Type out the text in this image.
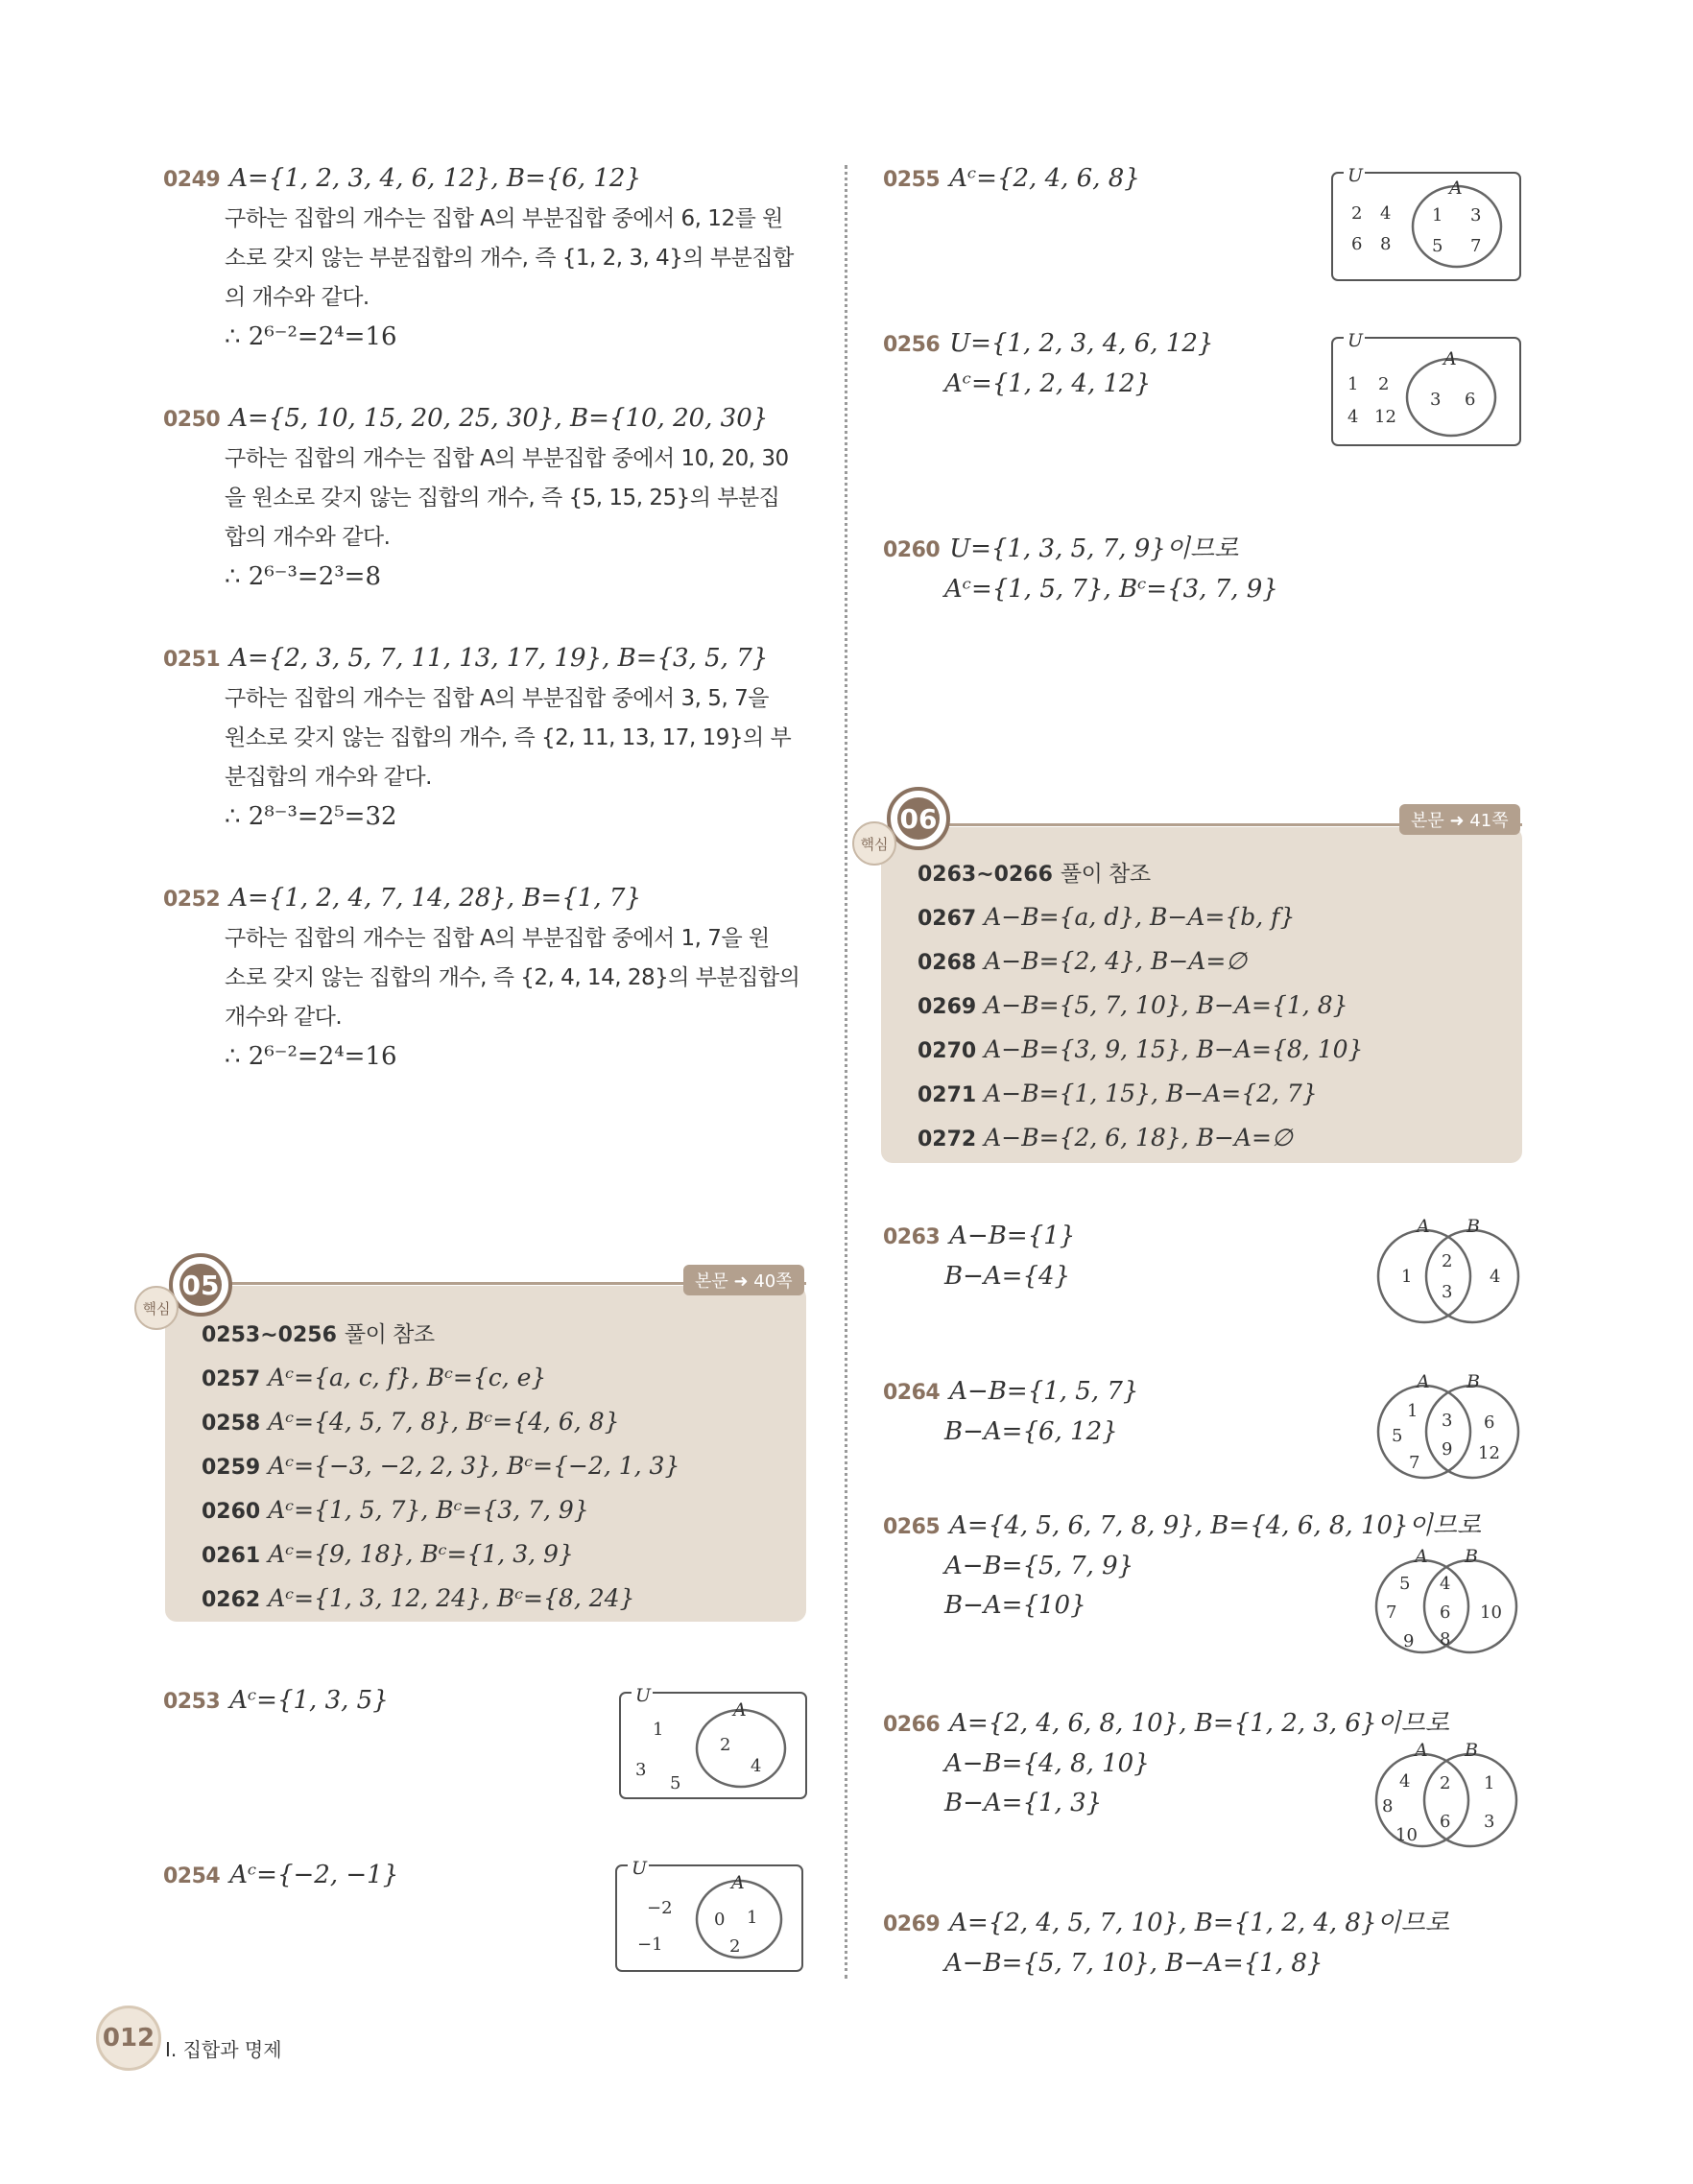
0249 A={1, 2, 3, 4, 6, 12}, B={6, 12}
구하는 집합의 개수는 집합 A의 부분집합 중에서 6, 12를 원
소로 갖지 않는 부분집합의 개수, 즉 {1, 2, 3, 4}의 부분집합
의 개수와 같다.
∴ 2⁶⁻²=2⁴=16
0250 A={5, 10, 15, 20, 25, 30}, B={10, 20, 30}
구하는 집합의 개수는 집합 A의 부분집합 중에서 10, 20, 30
을 원소로 갖지 않는 집합의 개수, 즉 {5, 15, 25}의 부분집
합의 개수와 같다.
∴ 2⁶⁻³=2³=8
0251 A={2, 3, 5, 7, 11, 13, 17, 19}, B={3, 5, 7}
구하는 집합의 개수는 집합 A의 부분집합 중에서 3, 5, 7을
원소로 갖지 않는 집합의 개수, 즉 {2, 11, 13, 17, 19}의 부
분집합의 개수와 같다.
∴ 2⁸⁻³=2⁵=32
0252 A={1, 2, 4, 7, 14, 28}, B={1, 7}
구하는 집합의 개수는 집합 A의 부분집합 중에서 1, 7을 원
소로 갖지 않는 집합의 개수, 즉 {2, 4, 14, 28}의 부분집합의
개수와 같다.
∴ 2⁶⁻²=2⁴=16
05
핵심
본문 ➜ 40쪽
0253~0256 풀이 참조
0257 Aᶜ={a, c, f}, Bᶜ={c, e}
0258 Aᶜ={4, 5, 7, 8}, Bᶜ={4, 6, 8}
0259 Aᶜ={−3, −2, 2, 3}, Bᶜ={−2, 1, 3}
0260 Aᶜ={1, 5, 7}, Bᶜ={3, 7, 9}
0261 Aᶜ={9, 18}, Bᶜ={1, 3, 9}
0262 Aᶜ={1, 3, 12, 24}, Bᶜ={8, 24}
0253 Aᶜ={1, 3, 5}	U
A
1
3
5
2
4
0254 Aᶜ={−2, −1}	U
A
−2
−1
0 1
2
0255 Aᶜ={2, 4, 6, 8}	U
A
2 4
6 8
1 3
5 7
0256 U={1, 2, 3, 4, 6, 12}
Aᶜ={1, 2, 4, 12}
U
A
1 2
4 12
3 6
0260 U={1, 3, 5, 7, 9}이므로
Aᶜ={1, 5, 7}, Bᶜ={3, 7, 9}
06
핵심
본문 ➜ 41쪽
0263~0266 풀이 참조
0267 A−B={a, d}, B−A={b, f}
0268 A−B={2, 4}, B−A=∅
0269 A−B={5, 7, 10}, B−A={1, 8}
0270 A−B={3, 9, 15}, B−A={8, 10}
0271 A−B={1, 15}, B−A={2, 7}
0272 A−B={2, 6, 18}, B−A=∅
0263 A−B={1}
B−A={4}
A B
1
2
3
4
0264 A−B={1, 5, 7}
B−A={6, 12}
A B
1
5
7
3
9
6
12
0265 A={4, 5, 6, 7, 8, 9}, B={4, 6, 8, 10}이므로
A−B={5, 7, 9}
B−A={10}
A B
5
7
9
4
6
8
10
0266 A={2, 4, 6, 8, 10}, B={1, 2, 3, 6}이므로
A−B={4, 8, 10}
B−A={1, 3}
A B
4
8
10
2
6
1
3
0269 A={2, 4, 5, 7, 10}, B={1, 2, 4, 8}이므로
A−B={5, 7, 10}, B−A={1, 8}
012 I. 집합과 명제
